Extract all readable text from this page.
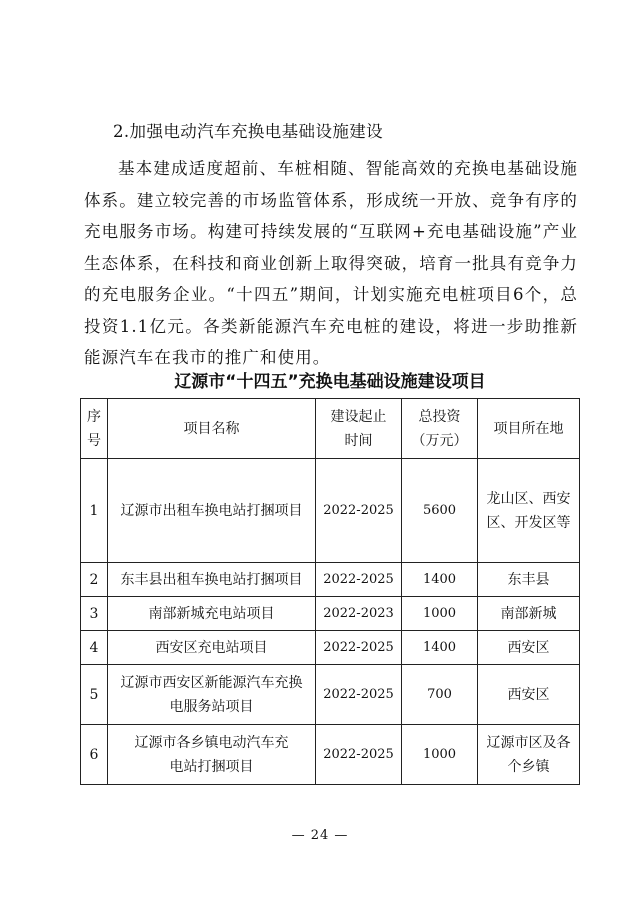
2.加强电动汽车充换电基础设施建设
基本建成适度超前、车桩相随、智能高效的充换电基础设施体系。建立较完善的市场监管体系，形成统一开放、竞争有序的充电服务市场。构建可持续发展的“互联网+充电基础设施”产业生态体系，在科技和商业创新上取得突破，培育一批具有竞争力的充电服务企业。“十四五”期间，计划实施充电桩项目6个，总投资1.1亿元。各类新能源汽车充电桩的建设，将进一步助推新能源汽车在我市的推广和使用。
辽源市“十四五”充换电基础设施建设项目
序号	项目名称	建设起止时间	总投资（万元）	项目所在地
1	辽源市出租车换电站打捆项目	2022-2025	5600	龙山区、西安区、开发区等
2	东丰县出租车换电站打捆项目	2022-2025	1400	东丰县
3	南部新城充电站项目	2022-2023	1000	南部新城
4	西安区充电站项目	2022-2025	1400	西安区
5	辽源市西安区新能源汽车充换电服务站项目	2022-2025	700	西安区
6	辽源市各乡镇电动汽车充电站打捆项目	2022-2025	1000	辽源市区及各个乡镇
— 24 —
